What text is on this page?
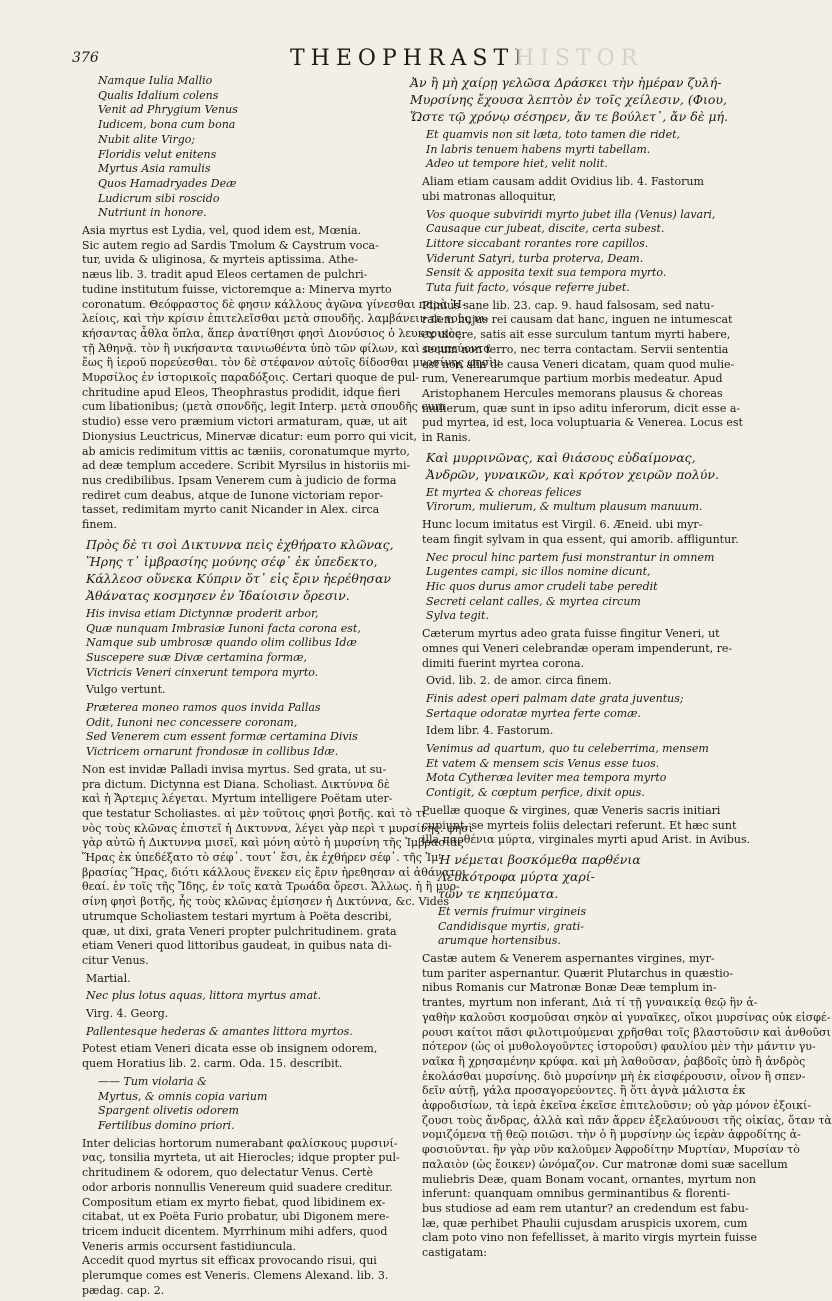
376	THEOPHRASTI
HISTOR
Namque Iulia Mallio
Qualis Idalium colens
Venit ad Phrygium Venus
Iudicem, bona cum bona
Nubit alite Virgo;
Floridis velut enitens
Myrtus Asia ramulis
Quos Hamadryades Deæ
Ludicrum sibi roscido
Nutriunt in honore.
Asia myrtus est Lydia, vel, quod idem est, Mœnia.
Sic autem regio ad Sardis Tmolum & Caystrum voca-
tur, uvida & uliginosa, & myrteis aptissima. Athe-
næus lib. 3. tradit apud Eleos certamen de pulchri-
tudine institutum fuisse, victoremque a: Minerva myrto
coronatum. Θεόφραστος δὲ φησιν κάλλους ἀγῶνα γίνεσθαι παρὰ Ἠ-
λείοις, καὶ τὴν κρίσιν ἐπιτελεῖσθαι μετὰ σπουδῆς. λαμβάνειν τε τοὺς νι-
κήσαντας ἆθλα ὅπλα, ἅπερ ἀνατίθησι φησὶ Διονύσιος ὁ λευκτρικὸς
τῇ Ἀθηνᾷ. τὸν ἢ νικήσαντα ταινιωθέντα ὑπὸ τῶν φίλων, καὶ πομπεύοντα
ἕως ἢ ἱεροῦ πορεύεσθαι. τὸν δὲ στέφανον αὐτοῖς δίδοσθαι μυρσίνης φησὶν
Μυρσίλος ἐν ἱστορικοῖς παραδόξοις. Certari quoque de pul-
chritudine apud Eleos, Theophrastus prodidit, idque fieri
cum libationibus; (μετὰ σπονδῆς, legit Interp. μετὰ σπουδῆς cum
studio) esse vero præmium victori armaturam, quæ, ut ait
Dionysius Leuctricus, Minervæ dicatur: eum porro qui vicit,
ab amicis redimitum vittis ac tæniis, coronatumque myrto,
ad deæ templum accedere. Scribit Myrsilus in historiis mi-
nus credibilibus. Ipsam Venerem cum à judicio de forma
rediret cum deabus, atque de Iunone victoriam repor-
tasset, redimitam myrto canit Nicander in Alex. circa
finem.
Πρὸς δὲ τι σοὶ Δικτυννα πεὶς ἐχθήρατο κλῶνας,
Ἥρης τ᾽ ἰμβρασίης μούνης σέφ᾽ ἐκ ὑπεδεκτο,
Κάλλεοσ οὕνεκα Κύπριν ὅτ᾽ εἰς ἔριν ἠερέθησαν
Ἀθάνατας κοσμησεν ἐν Ἰδαίοισιν ὄρεσιν.
His invisa etiam Dictynnæ proderit arbor,
Quæ nunquam Imbrasiæ Iunoni facta corona est,
Namque sub umbrosæ quando olim collibus Idæ
Suscepere suæ Divæ certamina formæ,
Victricis Veneri cinxerunt tempora myrto.
Vulgo vertunt.
Præterea moneo ramos quos invida Pallas
Odit, Iunoni nec concessere coronam,
Sed Venerem cum essent formæ certamina Divis
Victricem ornarunt frondosæ in collibus Idæ.
Non est invidæ Palladi invisa myrtus. Sed grata, ut su-
pra dictum. Dictynna est Diana. Scholiast. Δικτύννα δὲ
καὶ ἡ Ἄρτεμις λέγεται. Myrtum intelligere Poëtam uter-
que testatur Scholiastes. αἱ μὲν τοῦτοις φησὶ βοτῆς. καὶ τὸ τι-
νὸς τοὺς κλῶνας ἐπιστεῖ ἡ Δικτυννα, λέγει γὰρ περὶ τ μυρσίνης. φησὶ
γὰρ αὐτῶ ἡ Δικτυννα μισεῖ, καὶ μόνη αὐτὸ ἡ μυρσίνη τῆς Ἰμβρασίας
Ἥρας ἐκ ὑπεδέξατο τὸ σέφ᾽. τουτ᾽ ἔσι, ἐκ ἐχθήρεν σέφ᾽. τῆς Ἰμ-
βρασίας Ἥρας, διότι κάλλους ἕνεκεν εἰς ἔριν ἠρεθησαν αἱ ἀθάνατοι
θεαί. ἐν τοῖς τῆς Ἴδης, ἐν τοῖς κατὰ Τρωάδα ὄρεσι. Ἄλλως. ἡ ἢ μυρ-
σίνη φησὶ βοτῆς, ἧς τοὺς κλῶνας ἐμίσησεν ἡ Δικτύννα, &c. Vides
utrumque Scholiastem testari myrtum à Poëta describi,
quæ, ut dixi, grata Veneri propter pulchritudinem. grata
etiam Veneri quod littoribus gaudeat, in quibus nata di-
citur Venus.
Martial.
Nec plus lotus aquas, littora myrtus amat.
Virg. 4. Georg.
Pallentesque hederas & amantes littora myrtos.
Potest etiam Veneri dicata esse ob insignem odorem,
quem Horatius lib. 2. carm. Oda. 15. describit.
—— Tum violaria &
Myrtus, & omnis copia varium
Spargent olivetis odorem
Fertilibus domino priori.
Inter delicias hortorum numerabant φαλίσκους μυρσινί-
νας, tonsilia myrteta, ut ait Hierocles; idque propter pul-
chritudinem & odorem, quo delectatur Venus. Certè
odor arboris nonnullis Venereum quid suadere creditur.
Compositum etiam ex myrto fiebat, quod libidinem ex-
citabat, ut ex Poëta Furio probatur, ubi Digonem mere-
tricem inducit dicentem. Myrrhinum mihi adfers, quod
Veneris armis occursent fastidiuncula.
Accedit quod myrtus sit efficax provocando risui, qui
plerumque comes est Veneris. Clemens Alexand. lib. 3.
pædag. cap. 2.
Ἀν ἢ μὴ χαίρῃ γελῶσα Δράσκει τὴν ἡμέραν ζυλή-
Μυρσίνης ἔχουσα λεπτὸν ἐν τοῖς χείλεσιν, (Φιου,
Ὥστε τῷ χρόνῳ σέσηρεν, ἄν τε βούλετ᾽, ἄν δὲ μή.
Et quamvis non sit læta, toto tamen die ridet,
In labris tenuem habens myrti tabellam.
Adeo ut tempore hiet, velit nolit.
Aliam etiam causam addit Ovidius lib. 4. Fastorum
ubi matronas alloquitur,
Vos quoque subviridi myrto jubet illa (Venus) lavari,
Causaque cur jubeat, discite, certa subest.
Littore siccabant rorantes rore capillos.
Viderunt Satyri, turba proterva, Deam.
Sensit & apposita texit sua tempora myrto.
Tuta fuit facto, vósque referre jubet.
Plinius sane lib. 23. cap. 9. haud falsosam, sed natu-
ralem hujus rei causam dat hanc, inguen ne intumescat
ex ulcere, satis ait esse surculum tantum myrti habere,
secum non ferro, nec terra contactam. Servii sententia
est non alia de causa Veneri dicatam, quam quod mulie-
rum, Venerearumque partium morbis medeatur. Apud
Aristophanem Hercules memorans plausus & choreas
mulierum, quæ sunt in ipso aditu inferorum, dicit esse a-
pud myrtea, id est, loca voluptuaria & Venerea. Locus est
in Ranis.
Καὶ μυρρινῶνας, καὶ θιάσους εὐδαίμονας,
Ἀνδρῶν, γυναικῶν, καὶ κρότον χειρῶν πολύν.
Et myrtea & choreas felices
Virorum, mulierum, & multum plausum manuum.
Hunc locum imitatus est Virgil. 6. Æneid. ubi myr-
team fingit sylvam in qua essent, qui amorib. affliguntur.
Nec procul hinc partem fusi monstrantur in omnem
Lugentes campi, sic illos nomine dicunt,
Hic quos durus amor crudeli tabe peredit
Secreti celant calles, & myrtea circum
Sylva tegit.
Cæterum myrtus adeo grata fuisse fingitur Veneri, ut
omnes qui Veneri celebrandæ operam impenderunt, re-
dimiti fuerint myrtea corona.
Ovid. lib. 2. de amor. circa finem.
Finis adest operi palmam date grata juventus;
Sertaque odoratæ myrtea ferte comæ.
Idem libr. 4. Fastorum.
Venimus ad quartum, quo tu celeberrima, mensem
Et vatem & mensem scis Venus esse tuos.
Mota Cytheræa leviter mea tempora myrto
Contigit, & cœptum perfice, dixit opus.
Puellæ quoque & virgines, quæ Veneris sacris initiari
cupiunt, se myrteis foliis delectari referunt. Et hæc sunt
illa παρθένια μύρτα, virginales myrti apud Arist. in Avibus.
Ἡ νέμεται βοσκόμεθα παρθένια
Λευκότροφα μύρτα χαρί-
των τε κηπεύματα.
Et vernis fruimur virgineis
Candidisque myrtis, grati-
arumque hortensibus.
Castæ autem & Venerem aspernantes virgines, myr-
tum pariter aspernantur. Quærit Plutarchus in quæstio-
nibus Romanis cur Matronæ Bonæ Deæ templum in-
trantes, myrtum non inferant, Διὰ τί τῇ γυναικείᾳ θεῷ ἣν ἀ-
γαθὴν καλοῦσι κοσμοῦσαι σηκὸν αἱ γυναῖκες, οἴκοι μυρσίνας οὐκ εἰσφέ-
ρουσι καίτοι πᾶσι φιλοτιμούμεναι χρῆσθαι τοῖς βλαστοῦσιν καὶ ἀνθοῦσι
πότερον (ὡς οἱ μυθολογοῦντες ἱστοροῦσι) φαυλίου μὲν τὴν μάντιν γυ-
ναῖκα ἢ χρησαμένην κρύφα. καὶ μὴ λαθοῦσαν, ῥαβδοῖς ὑπὸ ἢ ἀνδρὸς
ἐκολάσθαι μυρσίνης. διὸ μυρσίνην μὴ ἐκ εἰσφέρουσιν, οἶνον ἢ σπεν-
δεῖν αὐτῇ, γάλα προσαγορεύοντες. ἢ ὅτι ἁγνὰ μάλιστα ἐκ
ἀφροδισίων, τὰ ἱερὰ ἐκεῖνα ἐκεῖσε ἐπιτελοῦσιν; οὐ γὰρ μόνον ἐξοικί-
ζουσι τοὺς ἄνδρας, ἀλλὰ καὶ πᾶν ἄρρεν ἐξελαύνουσι τῆς οἰκίας, ὅταν τὰ
νομιζόμενα τῇ θεῷ ποιῶσι. τὴν ὁ ἢ μυρσίνην ὡς ἱερὰν ἀφροδίτης ἀ-
φοσιοῦνται. ἣν γὰρ νῦν καλοῦμεν Ἀφροδίτην Μυρτίαν, Μυρσίαν τὸ
παλαιὸν (ὡς ἔοικεν) ὠνόμαζον. Cur matronæ domi suæ sacellum
muliebris Deæ, quam Bonam vocant, ornantes, myrtum non
inferunt: quanquam omnibus germinantibus & florenti-
bus studiose ad eam rem utantur? an credendum est fabu-
læ, quæ perhibet Phaulii cujusdam aruspicis uxorem, cum
clam poto vino non fefellisset, à marito virgis myrtein fuisse
castigatam:
